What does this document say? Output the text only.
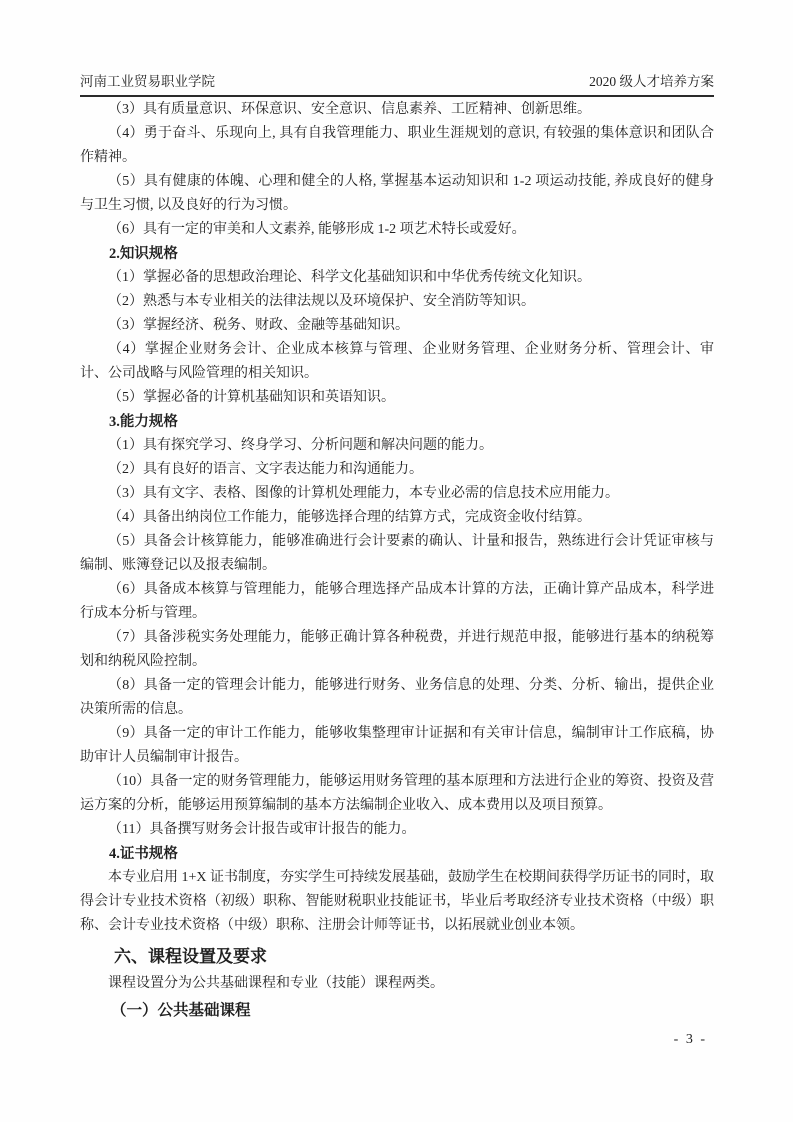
河南工业贸易职业学院	2020 级人才培养方案

（3）具有质量意识、环保意识、安全意识、信息素养、工匠精神、创新思维。

（4）勇于奋斗、乐现向上, 具有自我管理能力、职业生涯规划的意识, 有较强的集体意识和团队合作精神。

（5）具有健康的体魄、心理和健全的人格, 掌握基本运动知识和 1-2 项运动技能, 养成良好的健身与卫生习惯, 以及良好的行为习惯。

（6）具有一定的审美和人文素养, 能够形成 1-2 项艺术特长或爱好。

2.知识规格

（1）掌握必备的思想政治理论、科学文化基础知识和中华优秀传统文化知识。

（2）熟悉与本专业相关的法律法规以及环境保护、安全消防等知识。

（3）掌握经济、税务、财政、金融等基础知识。

（4）掌握企业财务会计、企业成本核算与管理、企业财务管理、企业财务分析、管理会计、审计、公司战略与风险管理的相关知识。

（5）掌握必备的计算机基础知识和英语知识。

3.能力规格

（1）具有探究学习、终身学习、分析问题和解决问题的能力。

（2）具有良好的语言、文字表达能力和沟通能力。

（3）具有文字、表格、图像的计算机处理能力，本专业必需的信息技术应用能力。

（4）具备出纳岗位工作能力，能够选择合理的结算方式，完成资金收付结算。

（5）具备会计核算能力，能够准确进行会计要素的确认、计量和报告，熟练进行会计凭证审核与编制、账簿登记以及报表编制。

（6）具备成本核算与管理能力，能够合理选择产品成本计算的方法，正确计算产品成本，科学进行成本分析与管理。

（7）具备涉税实务处理能力，能够正确计算各种税费，并进行规范申报，能够进行基本的纳税筹划和纳税风险控制。

（8）具备一定的管理会计能力，能够进行财务、业务信息的处理、分类、分析、输出，提供企业决策所需的信息。

（9）具备一定的审计工作能力，能够收集整理审计证据和有关审计信息，编制审计工作底稿，协助审计人员编制审计报告。

（10）具备一定的财务管理能力，能够运用财务管理的基本原理和方法进行企业的筹资、投资及营运方案的分析，能够运用预算编制的基本方法编制企业收入、成本费用以及项目预算。

（11）具备撰写财务会计报告或审计报告的能力。

4.证书规格

本专业启用 1+X 证书制度，夯实学生可持续发展基础，鼓励学生在校期间获得学历证书的同时，取得会计专业技术资格（初级）职称、智能财税职业技能证书，毕业后考取经济专业技术资格（中级）职称、会计专业技术资格（中级）职称、注册会计师等证书，以拓展就业创业本领。

六、课程设置及要求

课程设置分为公共基础课程和专业（技能）课程两类。

（一）公共基础课程

- 3 -
